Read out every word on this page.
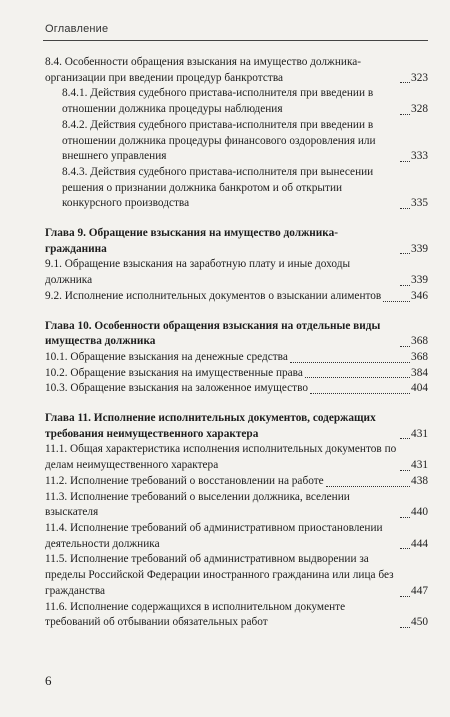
Оглавление
8.4. Особенности обращения взыскания на имущество должника-организации при введении процедур банкротства	323
8.4.1. Действия судебного пристава-исполнителя при введении в отношении должника процедуры наблюдения	328
8.4.2. Действия судебного пристава-исполнителя при введении в отношении должника процедуры финансового оздоровления или внешнего управления	333
8.4.3. Действия судебного пристава-исполнителя при вынесении решения о признании должника банкротом и об открытии конкурсного производства	335
Глава 9. Обращение взыскания на имущество должника-гражданина	339
9.1. Обращение взыскания на заработную плату и иные доходы должника	339
9.2. Исполнение исполнительных документов о взыскании алиментов	346
Глава 10. Особенности обращения взыскания на отдельные виды имущества должника	368
10.1. Обращение взыскания на денежные средства	368
10.2. Обращение взыскания на имущественные права	384
10.3. Обращение взыскания на заложенное имущество	404
Глава 11. Исполнение исполнительных документов, содержащих требования неимущественного характера	431
11.1. Общая характеристика исполнения исполнительных документов по делам неимущественного характера	431
11.2. Исполнение требований о восстановлении на работе	438
11.3. Исполнение требований о выселении должника, вселении взыскателя	440
11.4. Исполнение требований об административном приостановлении деятельности должника	444
11.5. Исполнение требований об административном выдворении за пределы Российской Федерации иностранного гражданина или лица без гражданства	447
11.6. Исполнение содержащихся в исполнительном документе требований об отбывании обязательных работ	450
6
